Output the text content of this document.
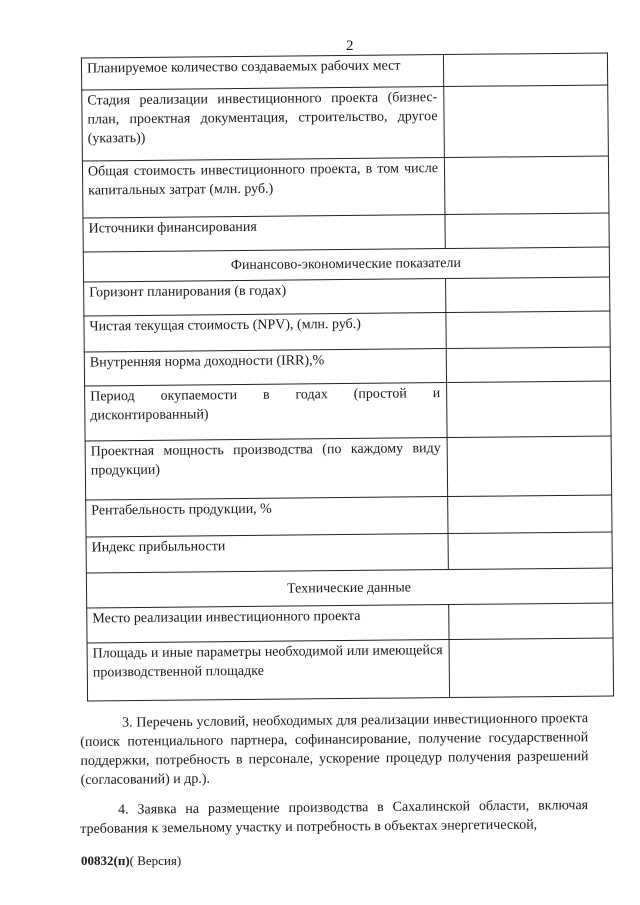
2
Планируемое количество создаваемых рабочих мест	
Стадия реализации инвестиционного проекта (бизнес-план, проектная документация, строительство, другое (указать))	
Общая стоимость инвестиционного проекта, в том числе капитальных затрат (млн. руб.)	
Источники финансирования	
Финансово-экономические показатели	
Горизонт планирования (в годах)	
Чистая текущая стоимость (NPV), (млн. руб.)	
Внутренняя норма доходности (IRR),%	
Период окупаемости в годах (простой и дисконтированный)	
Проектная мощность производства (по каждому виду продукции)	
Рентабельность продукции, %	
Индекс прибыльности	
Технические данные	
Место реализации инвестиционного проекта	
Площадь и иные параметры необходимой или имеющейся производственной площадке	
3. Перечень условий, необходимых для реализации инвестиционного проекта (поиск потенциального партнера, софинансирование, получение государственной поддержки, потребность в персонале, ускорение процедур получения разрешений (согласований) и др.).
4. Заявка на размещение производства в Сахалинской области, включая требования к земельному участку и потребность в объектах энергетической,
00832(п)( Версия)
